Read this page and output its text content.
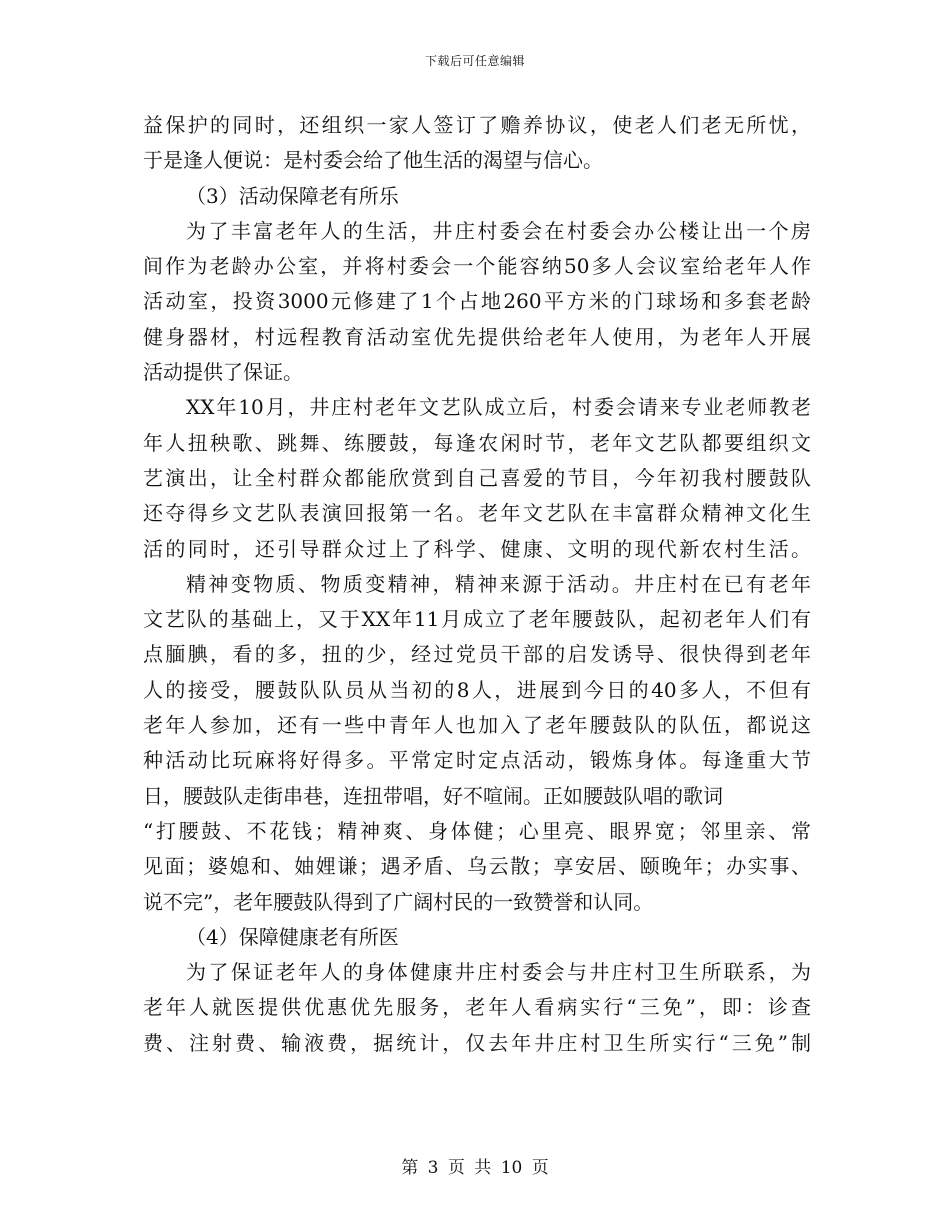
下载后可任意编辑
益保护的同时，还组织一家人签订了赡养协议，使老人们老无所忧，
于是逢人便说：是村委会给了他生活的渴望与信心。
（3）活动保障老有所乐
为了丰富老年人的生活，井庄村委会在村委会办公楼让出一个房
间作为老龄办公室，并将村委会一个能容纳50多人会议室给老年人作
活动室，投资3000元修建了1个占地260平方米的门球场和多套老龄
健身器材，村远程教育活动室优先提供给老年人使用，为老年人开展
活动提供了保证。
XX年10月，井庄村老年文艺队成立后，村委会请来专业老师教老
年人扭秧歌、跳舞、练腰鼓，每逢农闲时节，老年文艺队都要组织文
艺演出，让全村群众都能欣赏到自己喜爱的节目，今年初我村腰鼓队
还夺得乡文艺队表演回报第一名。老年文艺队在丰富群众精神文化生
活的同时，还引导群众过上了科学、健康、文明的现代新农村生活。
精神变物质、物质变精神，精神来源于活动。井庄村在已有老年
文艺队的基础上，又于XX年11月成立了老年腰鼓队，起初老年人们有
点腼腆，看的多，扭的少，经过党员干部的启发诱导、很快得到老年
人的接受，腰鼓队队员从当初的8人，进展到今日的40多人，不但有
老年人参加，还有一些中青年人也加入了老年腰鼓队的队伍，都说这
种活动比玩麻将好得多。平常定时定点活动，锻炼身体。每逢重大节
日，腰鼓队走街串巷，连扭带唱，好不喧闹。正如腰鼓队唱的歌词
“打腰鼓、不花钱；精神爽、身体健；心里亮、眼界宽；邻里亲、常
见面；婆媳和、妯娌谦；遇矛盾、乌云散；享安居、颐晚年；办实事、
说不完”，老年腰鼓队得到了广阔村民的一致赞誉和认同。
（4）保障健康老有所医
为了保证老年人的身体健康井庄村委会与井庄村卫生所联系，为
老年人就医提供优惠优先服务，老年人看病实行“三免”，即：诊查
费、注射费、输液费，据统计，仅去年井庄村卫生所实行“三免”制
第 3 页 共 10 页
